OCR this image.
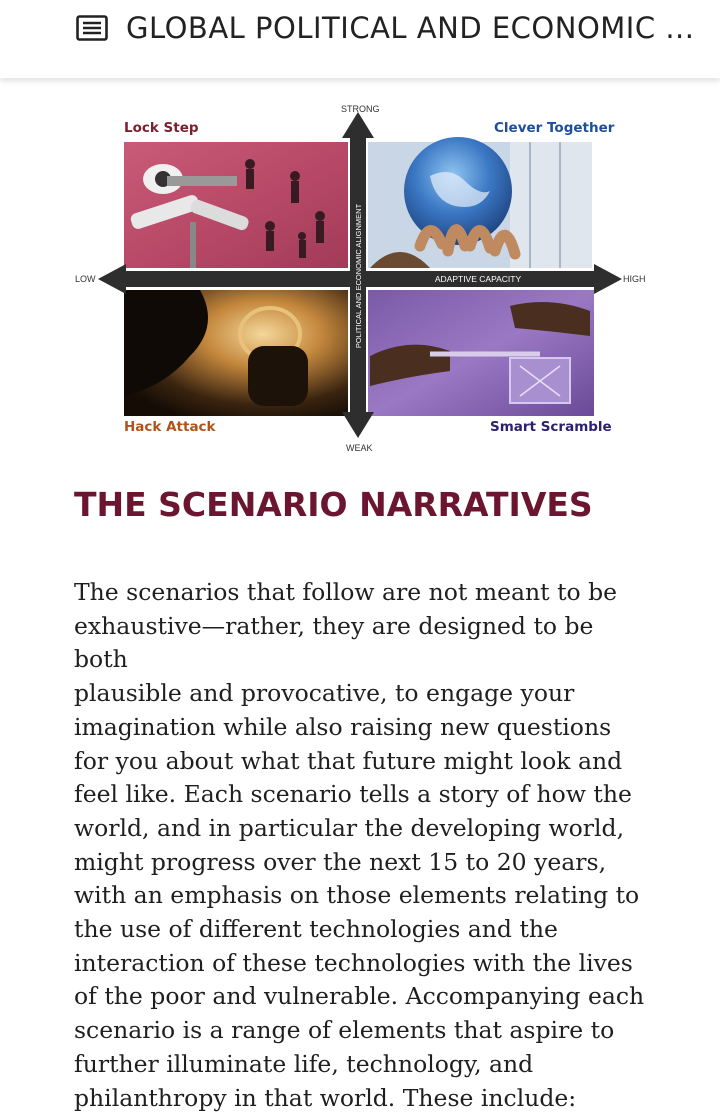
GLOBAL POLITICAL AND ECONOMIC ...
ADAPTIVE CAPACITY
POLITICAL AND ECONOMIC ALIGNMENT
STRONG
WEAK
LOW	HIGH
Lock Step	Clever Together
Hack Attack	Smart Scramble
THE SCENARIO NARRATIVES
The scenarios that follow are not meant to be
exhaustive—rather, they are designed to be both
plausible and provocative, to engage your
imagination while also raising new questions
for you about what that future might look and
feel like. Each scenario tells a story of how the
world, and in particular the developing world,
might progress over the next 15 to 20 years,
with an emphasis on those elements relating to
the use of different technologies and the
interaction of these technologies with the lives
of the poor and vulnerable. Accompanying each
scenario is a range of elements that aspire to
further illuminate life, technology, and
philanthropy in that world. These include:
